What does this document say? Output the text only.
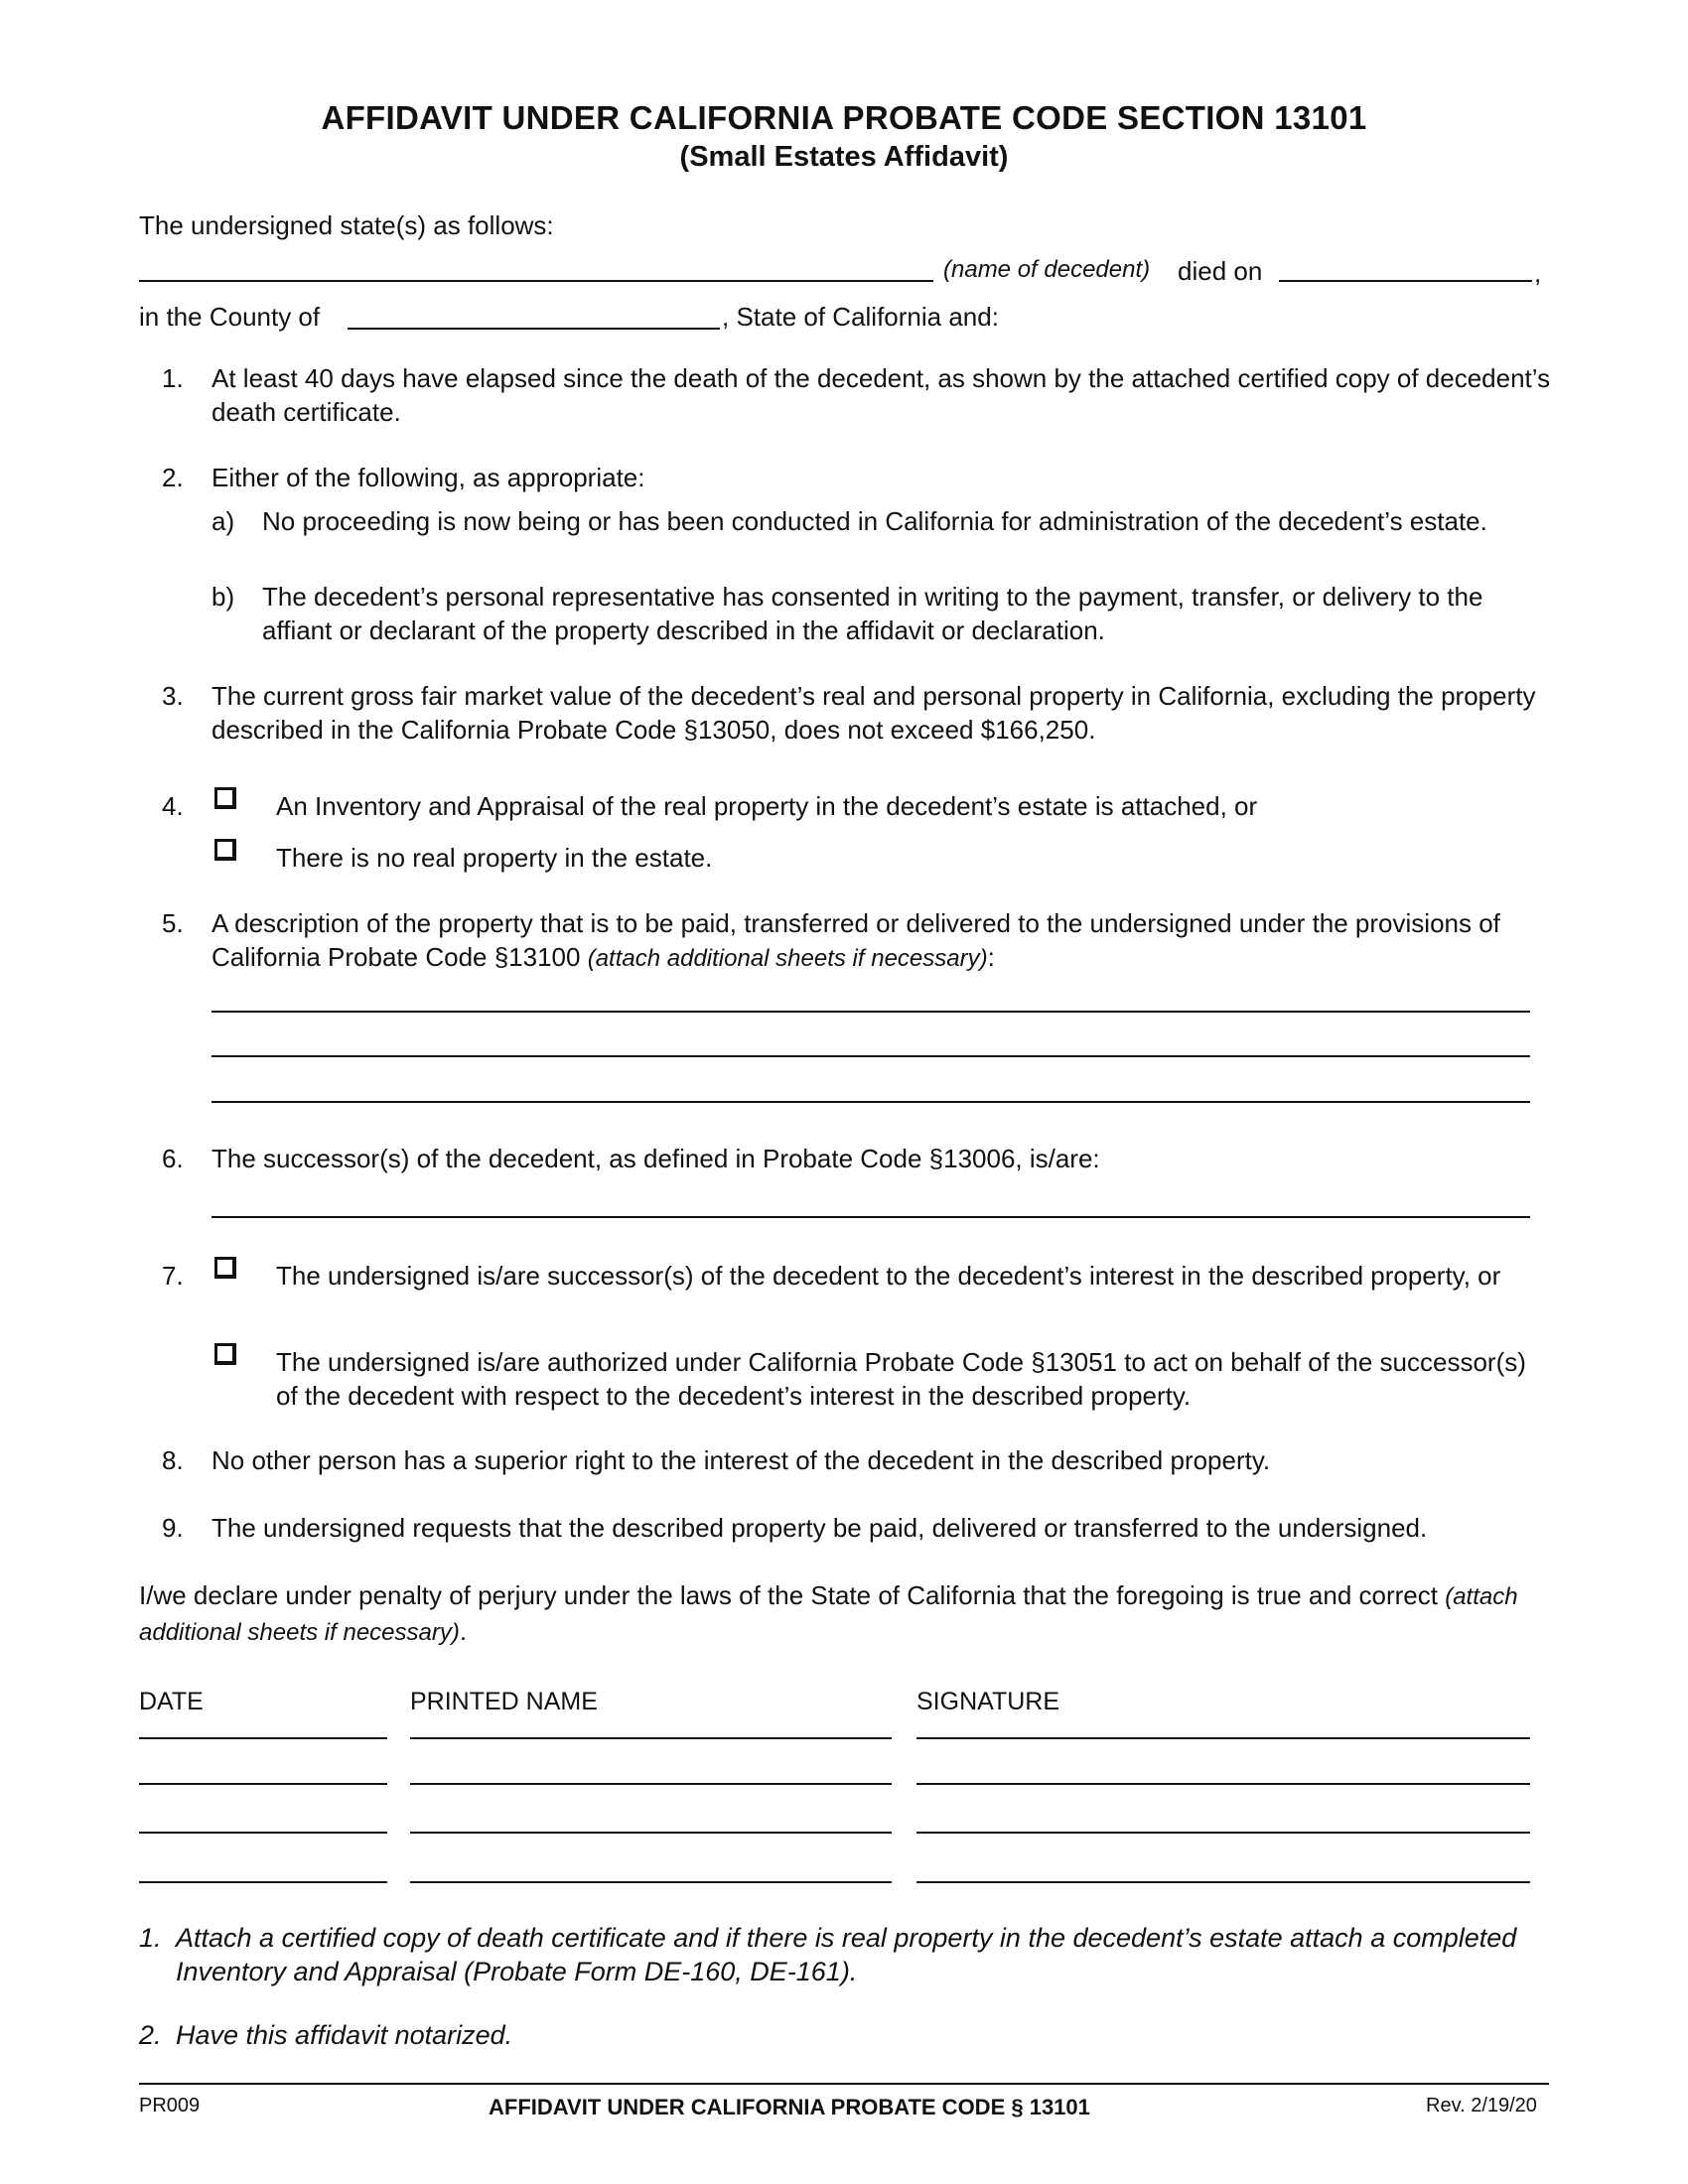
AFFIDAVIT UNDER CALIFORNIA PROBATE CODE SECTION 13101
(Small Estates Affidavit)
The undersigned state(s) as follows:
(name of decedent) died on	,
in the County of	, State of California and:
1. At least 40 days have elapsed since the death of the decedent, as shown by the attached certified copy of decedent’s death certificate.
2. Either of the following, as appropriate:
a) No proceeding is now being or has been conducted in California for administration of the decedent’s estate.
b) The decedent’s personal representative has consented in writing to the payment, transfer, or delivery to the affiant or declarant of the property described in the affidavit or declaration.
3. The current gross fair market value of the decedent’s real and personal property in California, excluding the property described in the California Probate Code §13050, does not exceed $166,250.
4.	An Inventory and Appraisal of the real property in the decedent’s estate is attached, or
There is no real property in the estate.
5. A description of the property that is to be paid, transferred or delivered to the undersigned under the provisions of California Probate Code §13100 (attach additional sheets if necessary):
6. The successor(s) of the decedent, as defined in Probate Code §13006, is/are:
7.	The undersigned is/are successor(s) of the decedent to the decedent’s interest in the described property, or
The undersigned is/are authorized under California Probate Code §13051 to act on behalf of the successor(s) of the decedent with respect to the decedent’s interest in the described property.
8. No other person has a superior right to the interest of the decedent in the described property.
9. The undersigned requests that the described property be paid, delivered or transferred to the undersigned.
I/we declare under penalty of perjury under the laws of the State of California that the foregoing is true and correct (attach additional sheets if necessary).
DATE	PRINTED NAME	SIGNATURE
1. Attach a certified copy of death certificate and if there is real property in the decedent’s estate attach a completed Inventory and Appraisal (Probate Form DE-160, DE-161).
2. Have this affidavit notarized.
PR009	AFFIDAVIT UNDER CALIFORNIA PROBATE CODE § 13101	Rev. 2/19/20
